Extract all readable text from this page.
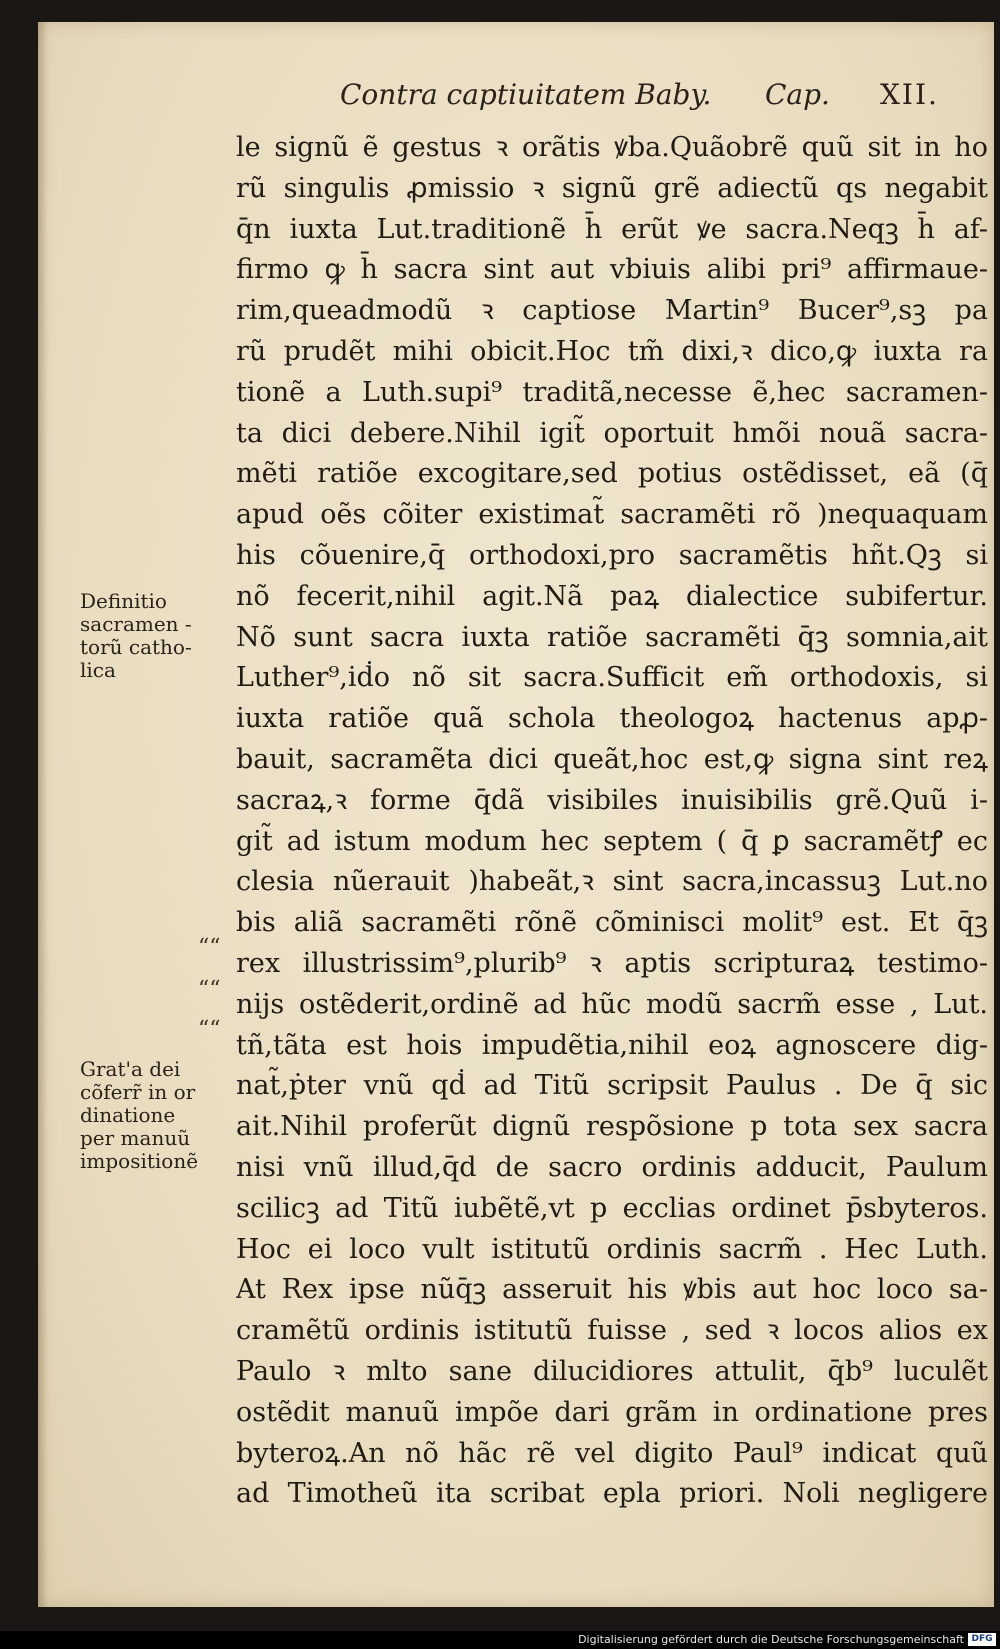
Contra captiuitatem Baby. Cap. XII.
le signũ ẽ gestus ꝛ orãtis ꝟba.Quãobrẽ quũ sit in ho
rũ singulis ꝓmissio ꝛ signũ grẽ adiectũ qs negabit
q̄n iuxta Lut.traditionẽ h̄ erũt ꝟe sacra.Neqꝫ h̄ af-
firmo ꝙ h̄ sacra sint aut vbiuis alibi pri⁹ affirmaue-
rim,queadmodũ ꝛ captiose Martin⁹ Bucer⁹,sꝫ pa
rũ prudẽt mihi obicit.Hoc tm̃ dixi,ꝛ dico,ꝙ iuxta ra
tionẽ a Luth.supi⁹ traditã,necesse ẽ,hec sacramen-
ta dici debere.Nihil igit̃ oportuit hmõi nouã sacra-
mẽti ratiõe excogitare,sed potius ostẽdisset, eã (q̄
apud oẽs cõiter existimat̃ sacramẽti rõ )nequaquam
his cõuenire,q̄ orthodoxi,pro sacramẽtis hñt.Qꝫ si
nõ fecerit,nihil agit.Nã paꝝ dialectice subifertur.
Nõ sunt sacra iuxta ratiõe sacramẽti q̄ꝫ somnia,ait
Luther⁹,iḋo nõ sit sacra.Sufficit em̃ orthodoxis, si
iuxta ratiõe quã schola theologoꝝ hactenus apꝓ-
bauit, sacramẽta dici queãt,hoc est,ꝙ signa sint reꝝ
sacraꝝ,ꝛ forme q̄dã visibiles inuisibilis grẽ.Quũ i-
git̃ ad istum modum hec septem ( q̄ ꝑ sacramẽtꝭ ec
clesia nũerauit )habeãt,ꝛ sint sacra,incassuꝫ Lut.no
bis aliã sacramẽti rõnẽ cõminisci molit⁹ est. Et q̄ꝫ
rex illustrissim⁹,plurib⁹ ꝛ aptis scripturaꝝ testimo-
nijs ostẽderit,ordinẽ ad hũc modũ sacrm̃ esse , Lut.
tñ,tãta est hois impudẽtia,nihil eoꝝ agnoscere dig-
nat̃,ṗter vnũ qḋ ad Titũ scripsit Paulus . De q̄ sic
ait.Nihil proferũt dignũ respõsione p tota sex sacra
nisi vnũ illud,q̄d de sacro ordinis adducit, Paulum
scilicꝫ ad Titũ iubẽtẽ,vt p ecclias ordinet p̄sbyteros.
Hoc ei loco vult istitutũ ordinis sacrm̃ . Hec Luth.
At Rex ipse nũq̄ꝫ asseruit his ꝟbis aut hoc loco sa-
cramẽtũ ordinis istitutũ fuisse , sed ꝛ locos alios ex
Paulo ꝛ mlto sane dilucidiores attulit, q̄b⁹ luculẽt
ostẽdit manuũ impõe dari grãm in ordinatione pres
byteroꝝ.An nõ hãc rẽ vel digito Paul⁹ indicat quũ
ad Timotheũ ita scribat epla priori. Noli negligere
Definitio
sacramen -
torũ catho-
lica
Grat'a dei
cõferr̃ in or
dinatione
per manuũ
impositionẽ
““
““
““
Digitalisierung gefördert durch die Deutsche Forschungsgemeinschaft DFG
